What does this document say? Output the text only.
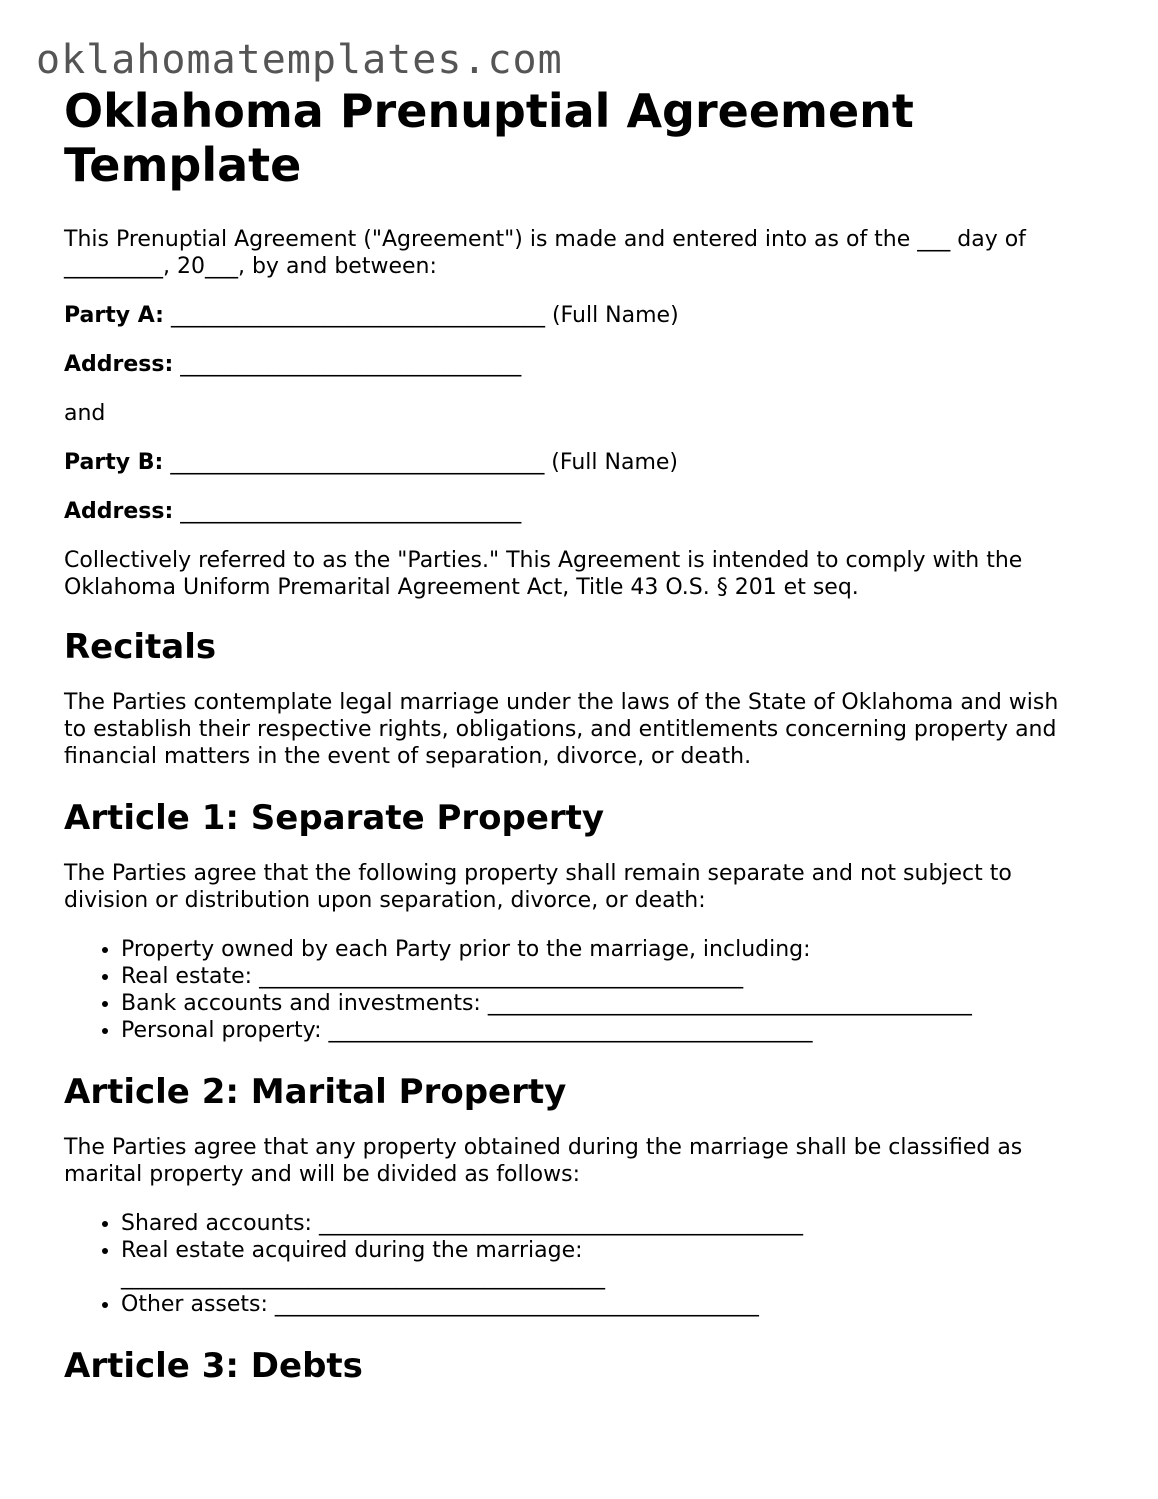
oklahomatemplates.com
Oklahoma Prenuptial Agreement Template

This Prenuptial Agreement ("Agreement") is made and entered into as of the ___ day of
_________, 20___, by and between:

Party A: __________________________________ (Full Name)

Address: _______________________________

and

Party B: __________________________________ (Full Name)

Address: _______________________________

Collectively referred to as the "Parties." This Agreement is intended to comply with the
Oklahoma Uniform Premarital Agreement Act, Title 43 O.S. § 201 et seq.

Recitals

The Parties contemplate legal marriage under the laws of the State of Oklahoma and wish
to establish their respective rights, obligations, and entitlements concerning property and
financial matters in the event of separation, divorce, or death.

Article 1: Separate Property

The Parties agree that the following property shall remain separate and not subject to
division or distribution upon separation, divorce, or death:

• Property owned by each Party prior to the marriage, including:
• Real estate: ____________________________________________
• Bank accounts and investments: ____________________________________________
• Personal property: ____________________________________________
Article 2: Marital Property

The Parties agree that any property obtained during the marriage shall be classified as
marital property and will be divided as follows:

• Shared accounts: ____________________________________________
• Real estate acquired during the marriage:
____________________________________________
• Other assets: ____________________________________________
Article 3: Debts
